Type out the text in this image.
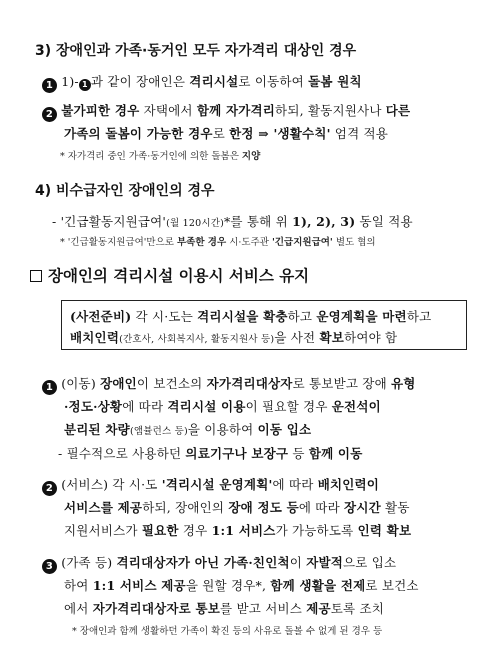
3) 장애인과 가족·동거인 모두 자가격리 대상인 경우
1 1)- 1 과 같이 장애인은 격리시설로 이동하여 돌봄 원칙
2 불가피한 경우 자택에서 함께 자가격리하되, 활동지원사나 다른
가족의 돌봄이 가능한 경우로 한정 ⇒ '생활수칙' 엄격 적용
* 자가격리 중인 가족·동거인에 의한 돌봄은 지양
4) 비수급자인 장애인의 경우
- '긴급활동지원급여'(월 120시간)*를 통해 위 1), 2), 3) 동일 적용
* '긴급활동지원급여'만으로 부족한 경우 시·도주관 '긴급지원급여' 별도 협의
장애인의 격리시설 이용시 서비스 유지
(사전준비) 각 시·도는 격리시설을 확충하고 운영계획을 마련하고
배치인력(간호사, 사회복지사, 활동지원사 등)을 사전 확보하여야 함
1 (이동) 장애인이 보건소의 자가격리대상자로 통보받고 장애 유형
·정도·상황에 따라 격리시설 이용이 필요할 경우 운전석이
분리된 차량(앰뷸런스 등)을 이용하여 이동 입소
- 필수적으로 사용하던 의료기구나 보장구 등 함께 이동
2 (서비스) 각 시·도 '격리시설 운영계획'에 따라 배치인력이
서비스를 제공하되, 장애인의 장애 정도 등에 따라 장시간 활동
지원서비스가 필요한 경우 1:1 서비스가 가능하도록 인력 확보
3 (가족 등) 격리대상자가 아닌 가족·친인척이 자발적으로 입소
하여 1:1 서비스 제공을 원할 경우*, 함께 생활을 전제로 보건소
에서 자가격리대상자로 통보를 받고 서비스 제공토록 조치
* 장애인과 함께 생활하던 가족이 확진 등의 사유로 돌볼 수 없게 된 경우 등
